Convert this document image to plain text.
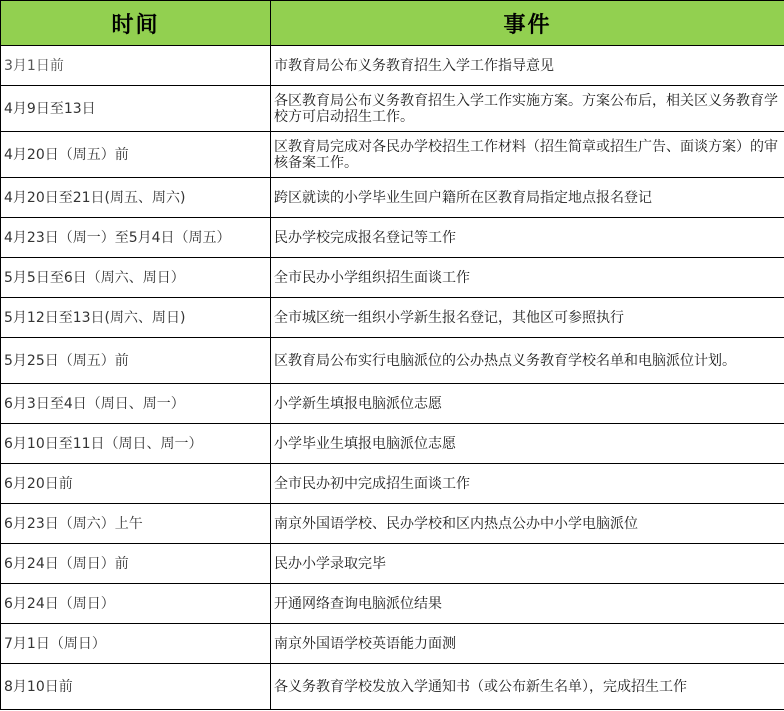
时间	事件
3月1日前	市教育局公布义务教育招生入学工作指导意见
4月9日至13日	各区教育局公布义务教育招生入学工作实施方案。方案公布后，相关区义务教育学校方可启动招生工作。
4月20日（周五）前	区教育局完成对各民办学校招生工作材料（招生简章或招生广告、面谈方案）的审核备案工作。
4月20日至21日(周五、周六)	跨区就读的小学毕业生回户籍所在区教育局指定地点报名登记
4月23日（周一）至5月4日（周五）	民办学校完成报名登记等工作
5月5日至6日（周六、周日）	全市民办小学组织招生面谈工作
5月12日至13日(周六、周日)	全市城区统一组织小学新生报名登记，其他区可参照执行
5月25日（周五）前	区教育局公布实行电脑派位的公办热点义务教育学校名单和电脑派位计划。
6月3日至4日（周日、周一）	小学新生填报电脑派位志愿
6月10日至11日（周日、周一）	小学毕业生填报电脑派位志愿
6月20日前	全市民办初中完成招生面谈工作
6月23日（周六）上午	南京外国语学校、民办学校和区内热点公办中小学电脑派位
6月24日（周日）前	民办小学录取完毕
6月24日（周日）	开通网络查询电脑派位结果
7月1日（周日）	南京外国语学校英语能力面测
8月10日前	各义务教育学校发放入学通知书（或公布新生名单），完成招生工作
